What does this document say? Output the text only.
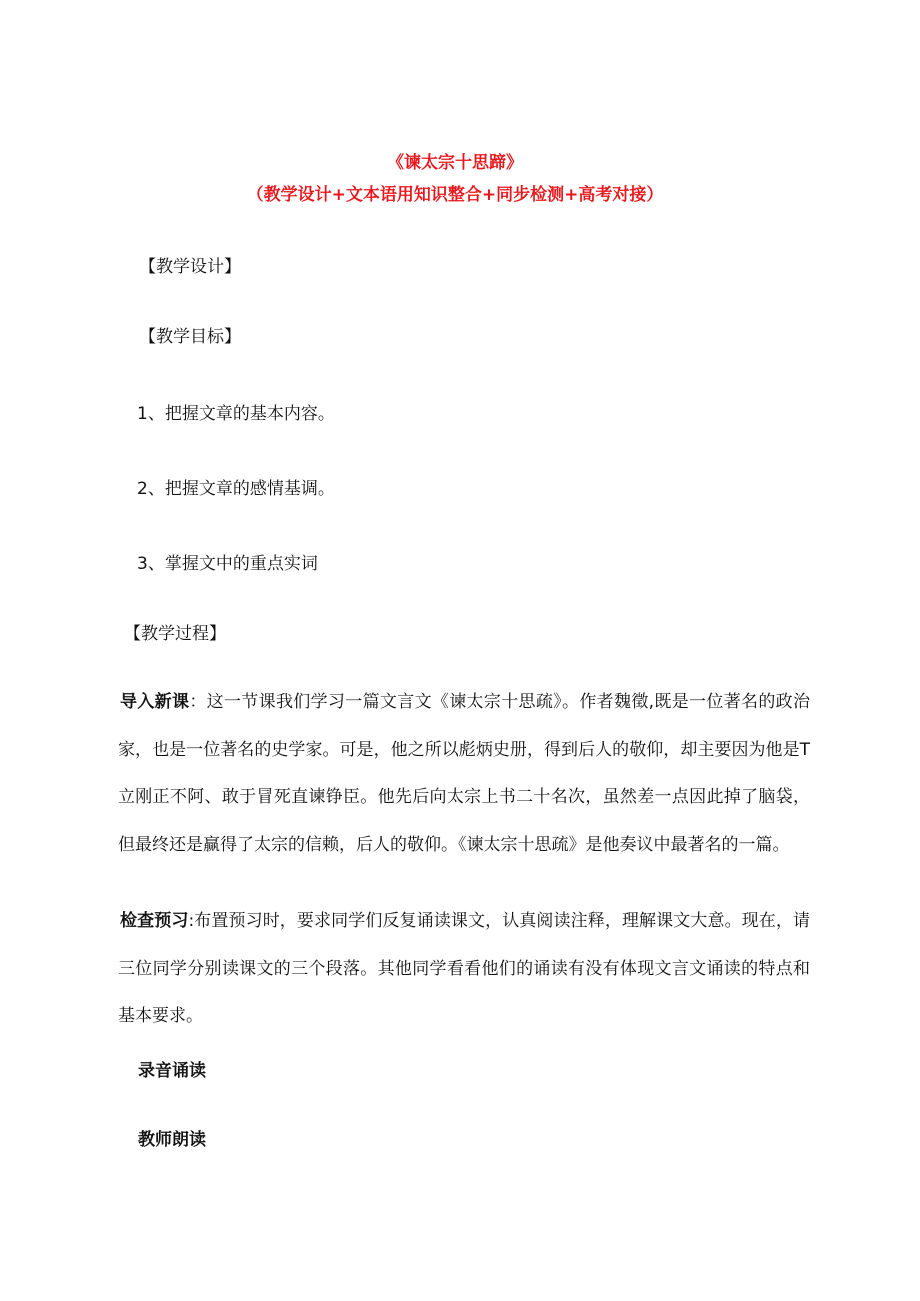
《谏太宗十思蹄》
（教学设计+文本语用知识整合+同步检测+高考对接）
【教学设计】
【教学目标】
1、把握文章的基本内容。
2、把握文章的感情基调。
3、掌握文中的重点实词
【教学过程】
导入新课：这一节课我们学习一篇文言文《谏太宗十思疏》。作者魏徵,既是一位著名的政治家，也是一位著名的史学家。可是，他之所以彪炳史册，得到后人的敬仰，却主要因为他是T立刚正不阿、敢于冒死直谏铮臣。他先后向太宗上书二十名次，虽然差一点因此掉了脑袋，但最终还是赢得了太宗的信赖，后人的敬仰。《谏太宗十思疏》是他奏议中最著名的一篇。
检查预习:布置预习时，要求同学们反复诵读课文，认真阅读注释，理解课文大意。现在，请三位同学分别读课文的三个段落。其他同学看看他们的诵读有没有体现文言文诵读的特点和基本要求。
录音诵读
教师朗读
